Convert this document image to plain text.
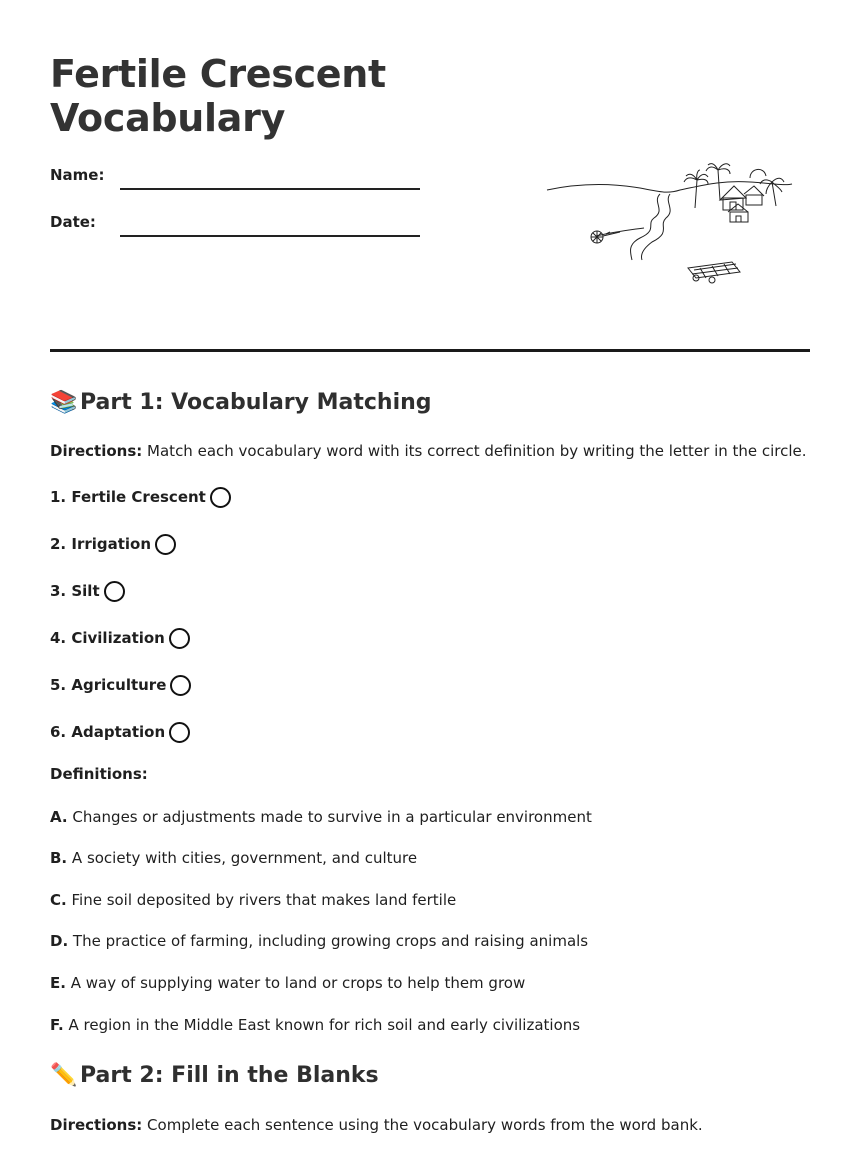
Fertile Crescent
Vocabulary
Name:
Date:
📚 Part 1: Vocabulary Matching
Directions: Match each vocabulary word with its correct definition by writing the letter in the circle.
1. Fertile Crescent
2. Irrigation
3. Silt
4. Civilization
5. Agriculture
6. Adaptation
Definitions:
A. Changes or adjustments made to survive in a particular environment
B. A society with cities, government, and culture
C. Fine soil deposited by rivers that makes land fertile
D. The practice of farming, including growing crops and raising animals
E. A way of supplying water to land or crops to help them grow
F. A region in the Middle East known for rich soil and early civilizations
✏️ Part 2: Fill in the Blanks
Directions: Complete each sentence using the vocabulary words from the word bank.
